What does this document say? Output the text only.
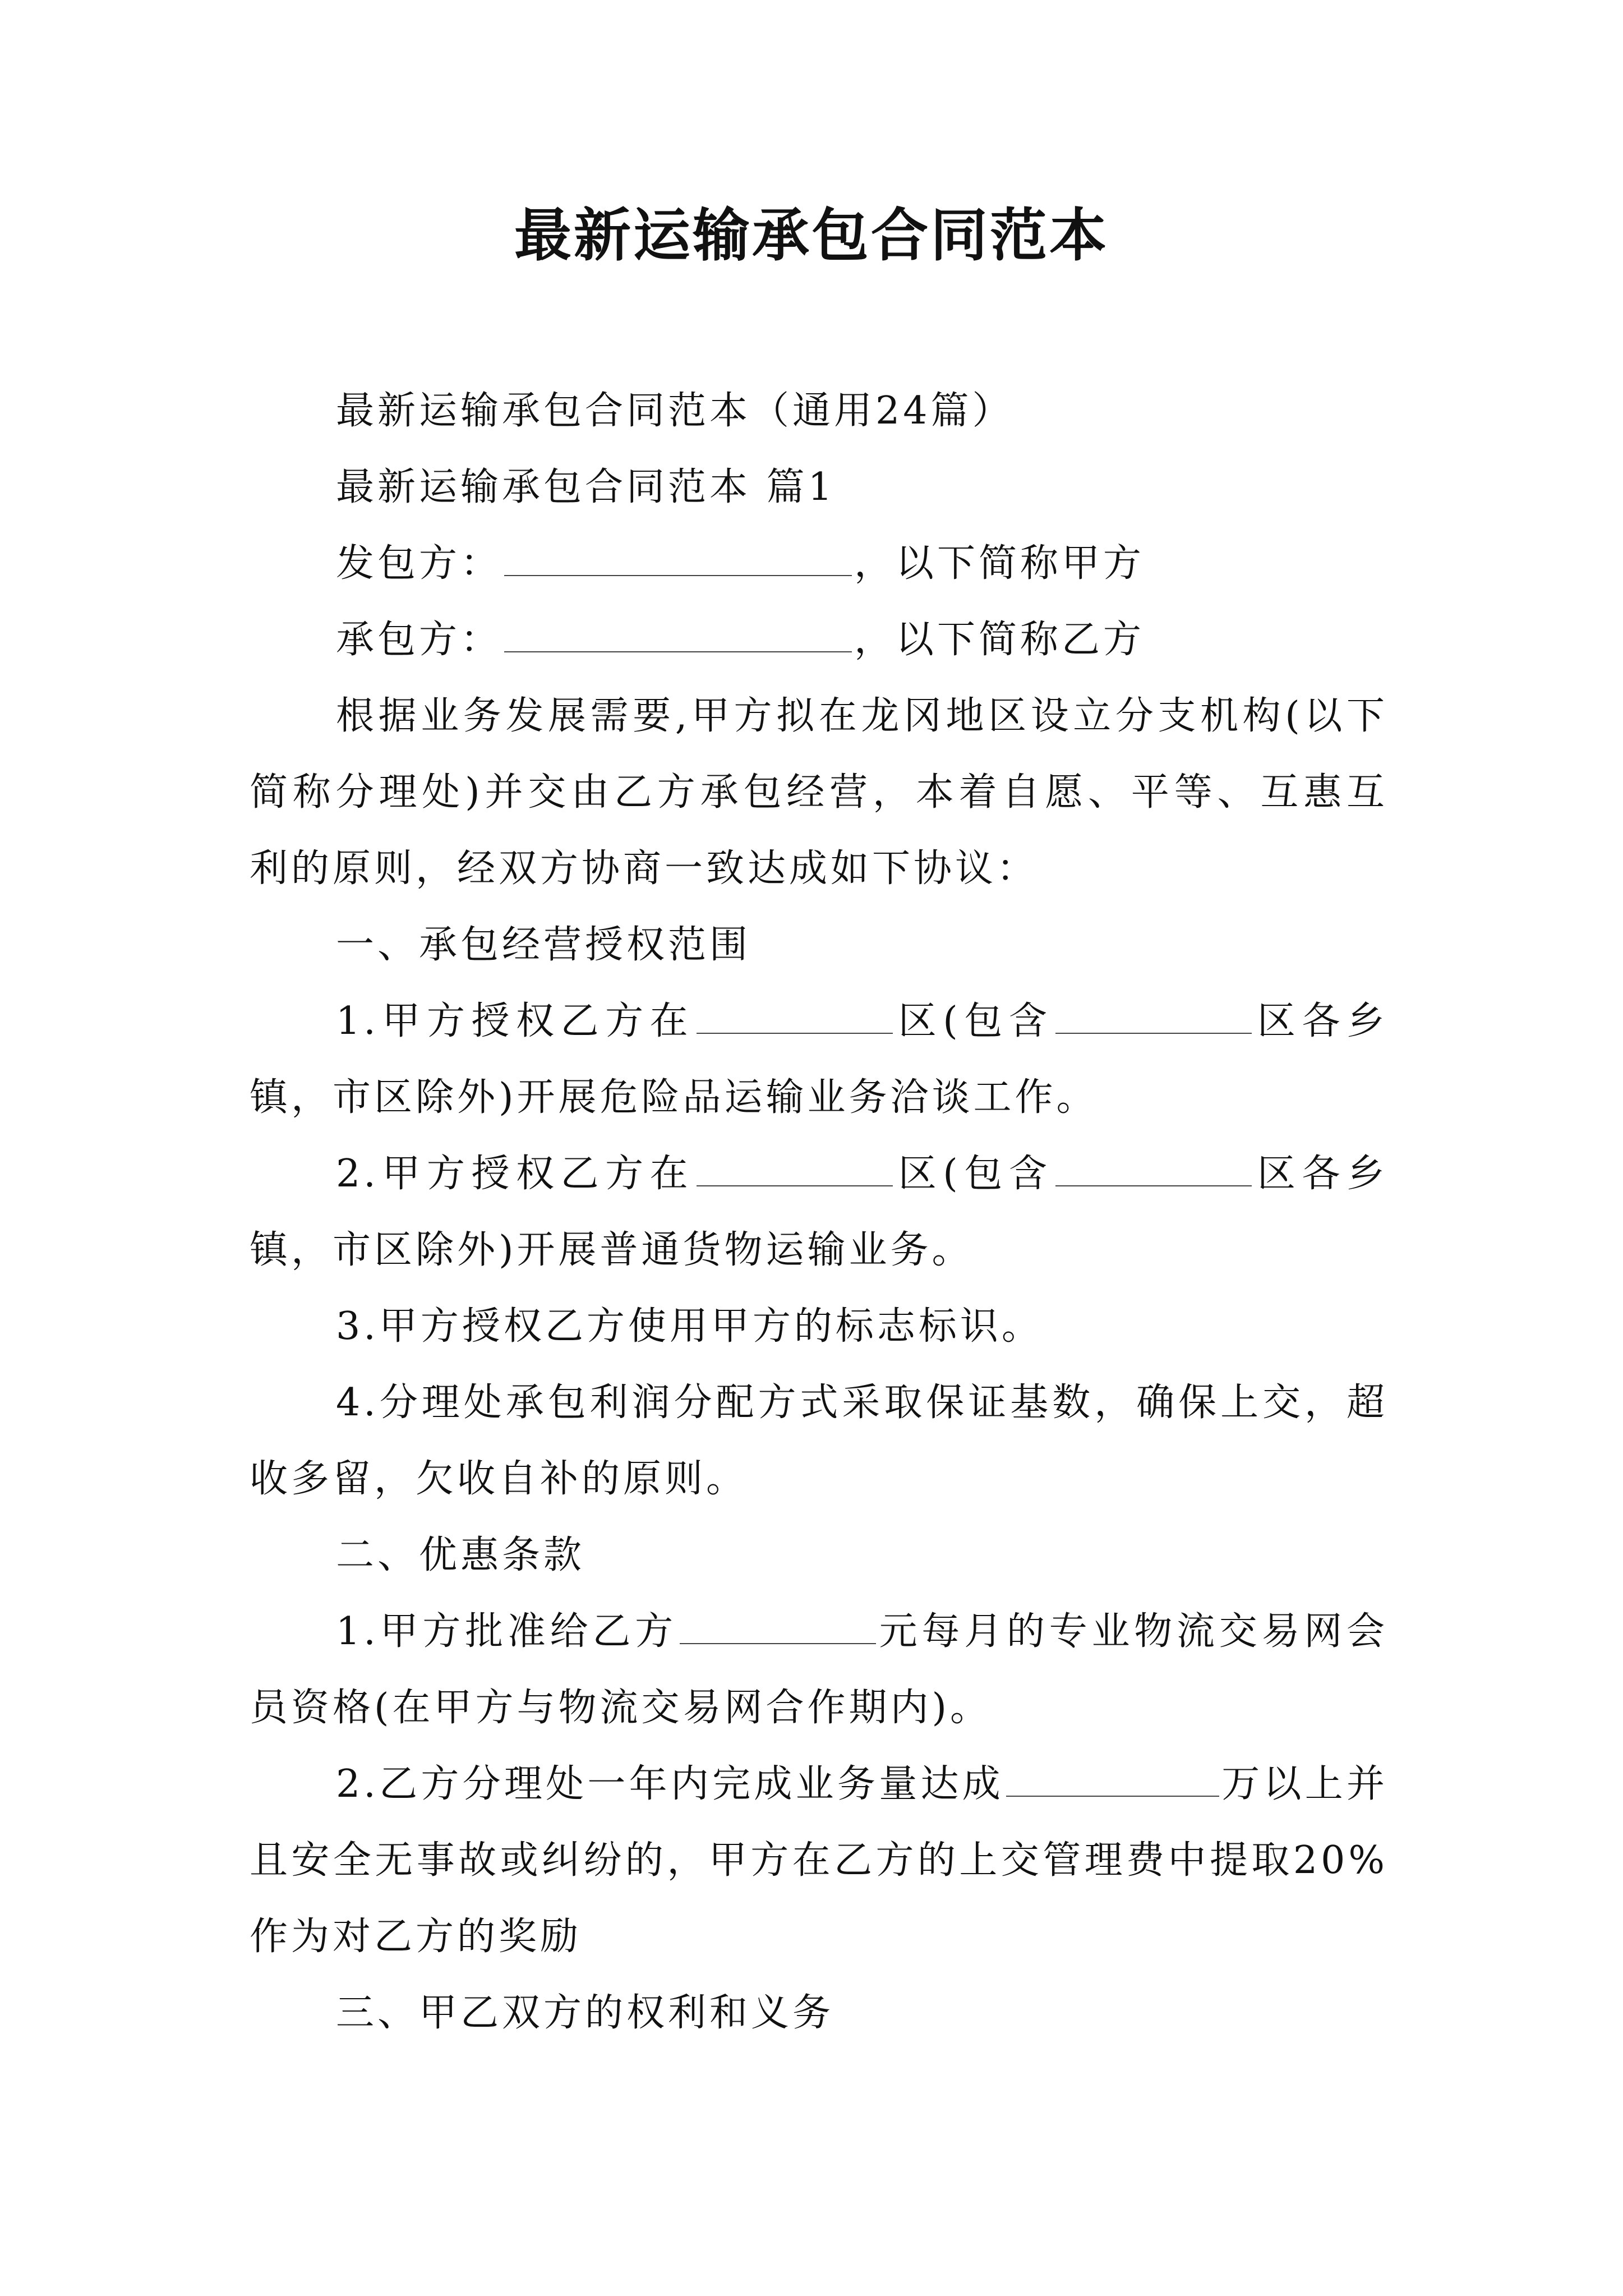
最新运输承包合同范本

最新运输承包合同范本（通用24篇）

最新运输承包合同范本 篇1

发包方：	，以下简称甲方

承包方：	，以下简称乙方

根据业务发展需要,甲方拟在龙冈地区设立分支机构(以下简称分理处)并交由乙方承包经营，本着自愿、平等、互惠互利的原则，经双方协商一致达成如下协议：

一、承包经营授权范围

1.甲方授权乙方在	区(包含	区各乡镇，市区除外)开展危险品运输业务洽谈工作。

2.甲方授权乙方在	区(包含	区各乡镇，市区除外)开展普通货物运输业务。

3.甲方授权乙方使用甲方的标志标识。

4.分理处承包利润分配方式采取保证基数，确保上交，超收多留，欠收自补的原则。

二、优惠条款

1.甲方批准给乙方	元每月的专业物流交易网会员资格(在甲方与物流交易网合作期内)。

2.乙方分理处一年内完成业务量达成	万以上并且安全无事故或纠纷的，甲方在乙方的上交管理费中提取20%作为对乙方的奖励

三、甲乙双方的权利和义务
